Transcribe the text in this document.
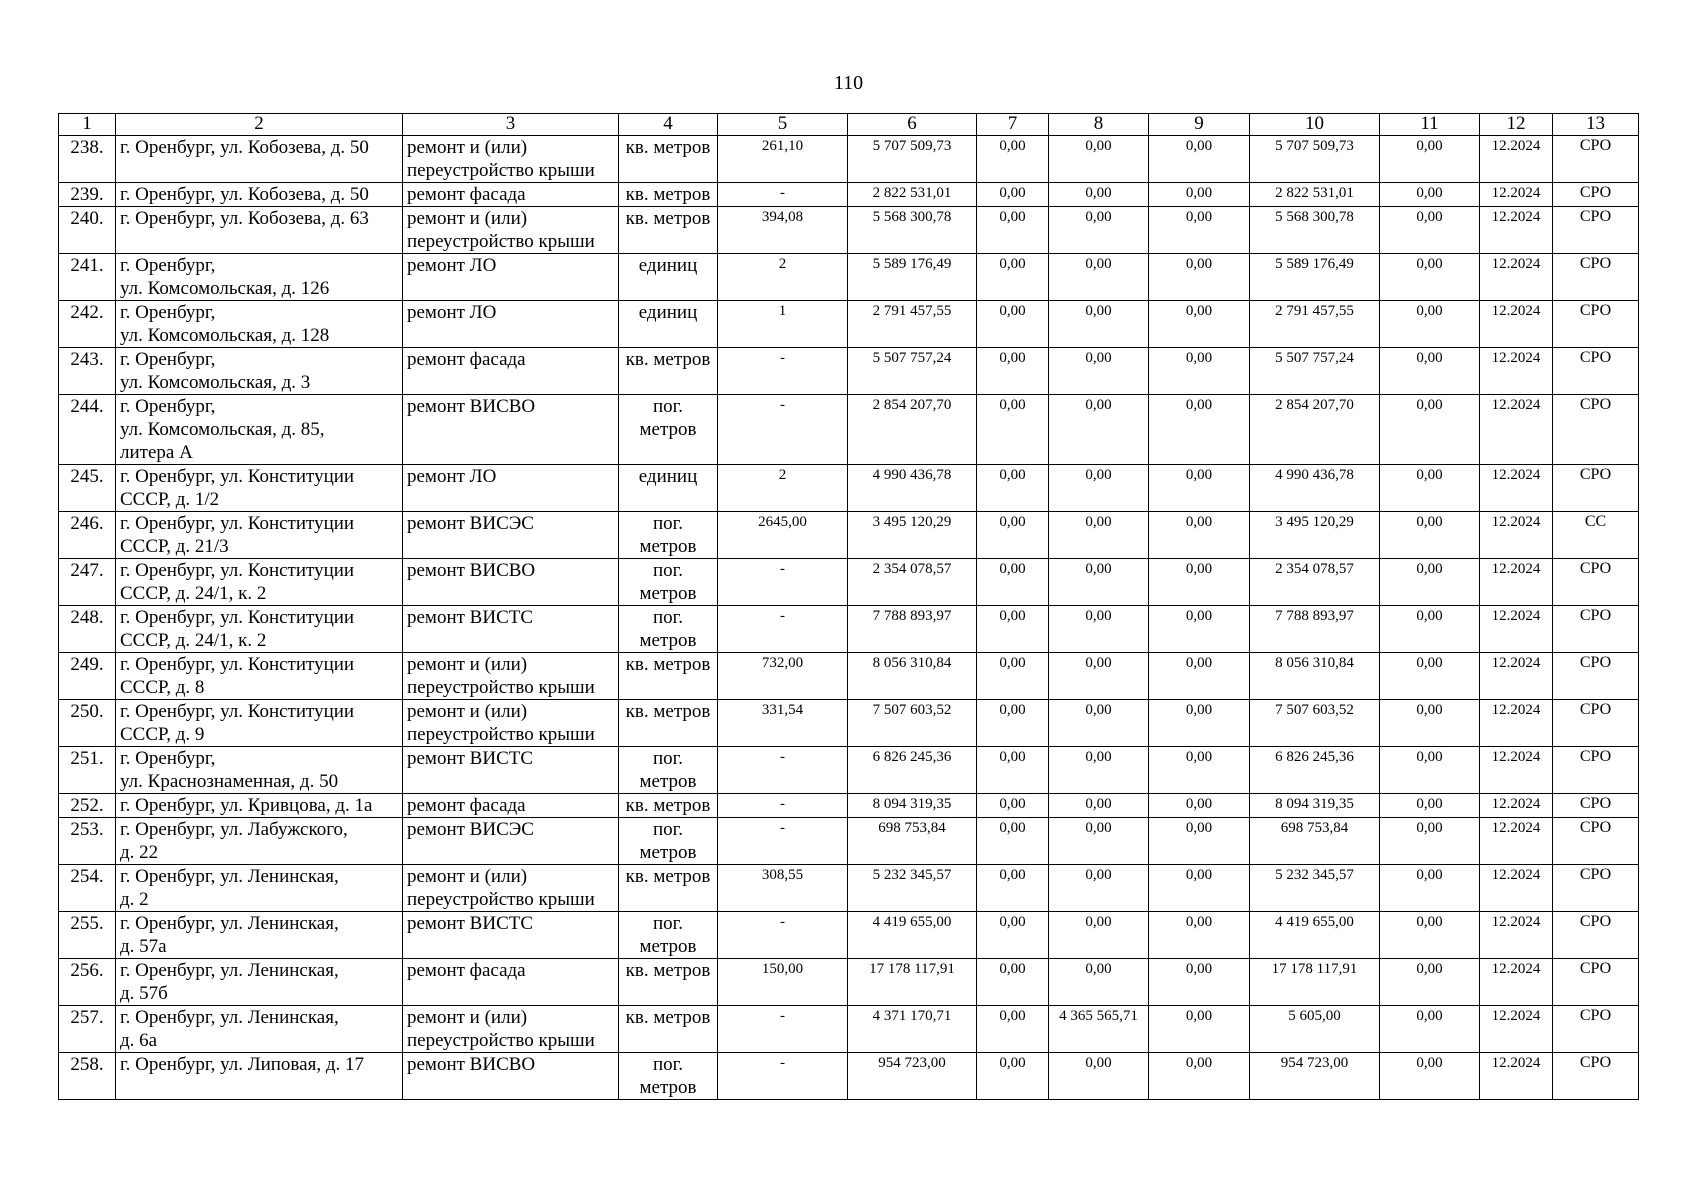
110
1	2	3	4	5	6	7	8	9	10	11	12	13
238.	г. Оренбург, ул. Кобозева, д. 50	ремонт и (или)
переустройство крыши	кв. метров	261,10	5 707 509,73	0,00	0,00	0,00	5 707 509,73	0,00	12.2024	СРО
239.	г. Оренбург, ул. Кобозева, д. 50	ремонт фасада	кв. метров	-	2 822 531,01	0,00	0,00	0,00	2 822 531,01	0,00	12.2024	СРО
240.	г. Оренбург, ул. Кобозева, д. 63	ремонт и (или)
переустройство крыши	кв. метров	394,08	5 568 300,78	0,00	0,00	0,00	5 568 300,78	0,00	12.2024	СРО
241.	г. Оренбург,
ул. Комсомольская, д. 126	ремонт ЛО	единиц	2	5 589 176,49	0,00	0,00	0,00	5 589 176,49	0,00	12.2024	СРО
242.	г. Оренбург,
ул. Комсомольская, д. 128	ремонт ЛО	единиц	1	2 791 457,55	0,00	0,00	0,00	2 791 457,55	0,00	12.2024	СРО
243.	г. Оренбург,
ул. Комсомольская, д. 3	ремонт фасада	кв. метров	-	5 507 757,24	0,00	0,00	0,00	5 507 757,24	0,00	12.2024	СРО
244.	г. Оренбург,
ул. Комсомольская, д. 85,
литера А	ремонт ВИСВО	пог.
метров	-	2 854 207,70	0,00	0,00	0,00	2 854 207,70	0,00	12.2024	СРО
245.	г. Оренбург, ул. Конституции
СССР, д. 1/2	ремонт ЛО	единиц	2	4 990 436,78	0,00	0,00	0,00	4 990 436,78	0,00	12.2024	СРО
246.	г. Оренбург, ул. Конституции
СССР, д. 21/3	ремонт ВИСЭС	пог.
метров	2645,00	3 495 120,29	0,00	0,00	0,00	3 495 120,29	0,00	12.2024	СС
247.	г. Оренбург, ул. Конституции
СССР, д. 24/1, к. 2	ремонт ВИСВО	пог.
метров	-	2 354 078,57	0,00	0,00	0,00	2 354 078,57	0,00	12.2024	СРО
248.	г. Оренбург, ул. Конституции
СССР, д. 24/1, к. 2	ремонт ВИСТС	пог.
метров	-	7 788 893,97	0,00	0,00	0,00	7 788 893,97	0,00	12.2024	СРО
249.	г. Оренбург, ул. Конституции
СССР, д. 8	ремонт и (или)
переустройство крыши	кв. метров	732,00	8 056 310,84	0,00	0,00	0,00	8 056 310,84	0,00	12.2024	СРО
250.	г. Оренбург, ул. Конституции
СССР, д. 9	ремонт и (или)
переустройство крыши	кв. метров	331,54	7 507 603,52	0,00	0,00	0,00	7 507 603,52	0,00	12.2024	СРО
251.	г. Оренбург,
ул. Краснознаменная, д. 50	ремонт ВИСТС	пог.
метров	-	6 826 245,36	0,00	0,00	0,00	6 826 245,36	0,00	12.2024	СРО
252.	г. Оренбург, ул. Кривцова, д. 1а	ремонт фасада	кв. метров	-	8 094 319,35	0,00	0,00	0,00	8 094 319,35	0,00	12.2024	СРО
253.	г. Оренбург, ул. Лабужского,
д. 22	ремонт ВИСЭС	пог.
метров	-	698 753,84	0,00	0,00	0,00	698 753,84	0,00	12.2024	СРО
254.	г. Оренбург, ул. Ленинская,
д. 2	ремонт и (или)
переустройство крыши	кв. метров	308,55	5 232 345,57	0,00	0,00	0,00	5 232 345,57	0,00	12.2024	СРО
255.	г. Оренбург, ул. Ленинская,
д. 57а	ремонт ВИСТС	пог.
метров	-	4 419 655,00	0,00	0,00	0,00	4 419 655,00	0,00	12.2024	СРО
256.	г. Оренбург, ул. Ленинская,
д. 57б	ремонт фасада	кв. метров	150,00	17 178 117,91	0,00	0,00	0,00	17 178 117,91	0,00	12.2024	СРО
257.	г. Оренбург, ул. Ленинская,
д. 6а	ремонт и (или)
переустройство крыши	кв. метров	-	4 371 170,71	0,00	4 365 565,71	0,00	5 605,00	0,00	12.2024	СРО
258.	г. Оренбург, ул. Липовая, д. 17	ремонт ВИСВО	пог.
метров	-	954 723,00	0,00	0,00	0,00	954 723,00	0,00	12.2024	СРО
